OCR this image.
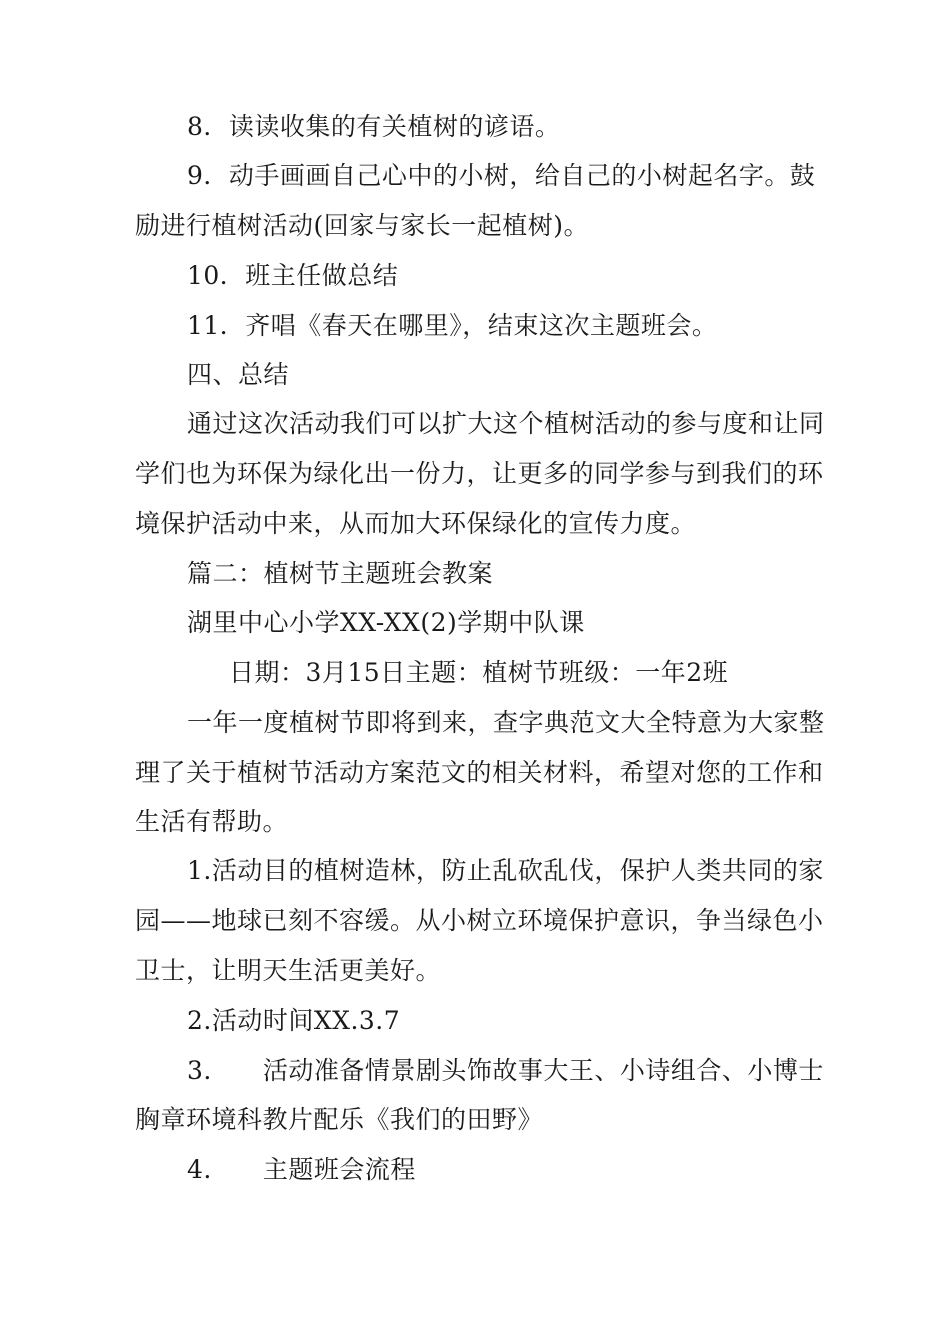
8．读读收集的有关植树的谚语。
9．动手画画自己心中的小树，给自己的小树起名字。鼓
励进行植树活动(回家与家长一起植树)。
10．班主任做总结
11．齐唱《春天在哪里》，结束这次主题班会。
四、总结
通过这次活动我们可以扩大这个植树活动的参与度和让同
学们也为环保为绿化出一份力，让更多的同学参与到我们的环
境保护活动中来，从而加大环保绿化的宣传力度。
篇二：植树节主题班会教案
湖里中心小学XX-XX(2)学期中队课
日期：3月15日主题：植树节班级：一年2班
一年一度植树节即将到来，查字典范文大全特意为大家整
理了关于植树节活动方案范文的相关材料，希望对您的工作和
生活有帮助。
1.活动目的植树造林，防止乱砍乱伐，保护人类共同的家
园——地球已刻不容缓。从小树立环境保护意识，争当绿色小
卫士，让明天生活更美好。
2.活动时间XX.3.7
3.　　活动准备情景剧头饰故事大王、小诗组合、小博士
胸章环境科教片配乐《我们的田野》
4.　　主题班会流程
